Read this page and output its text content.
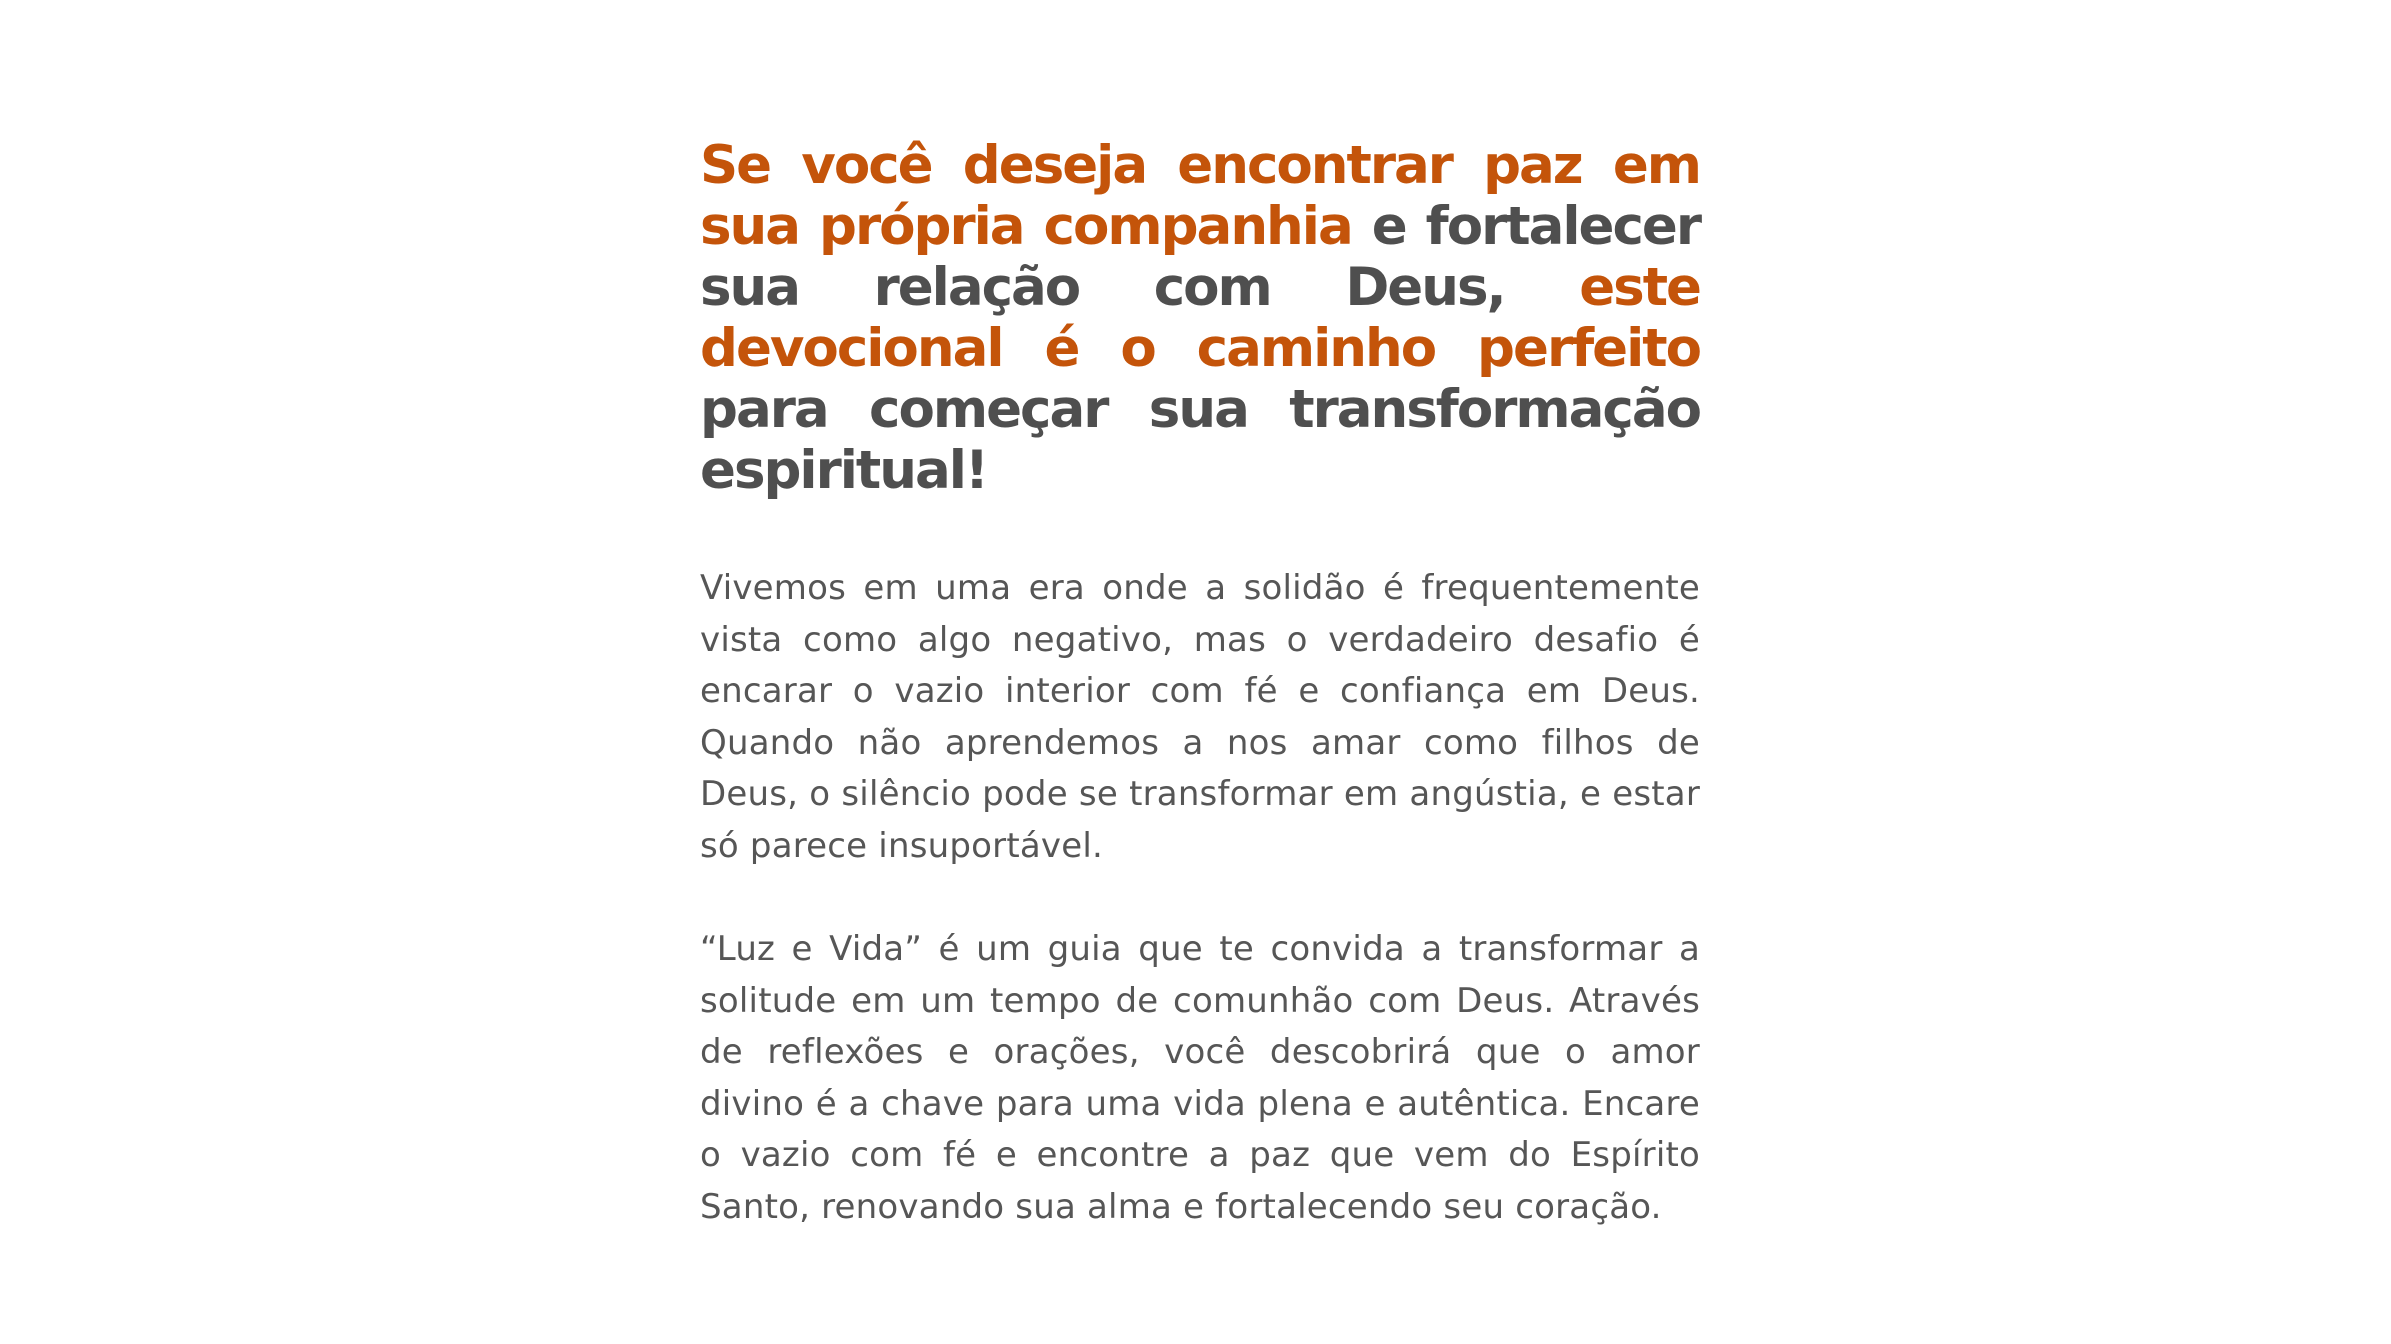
Se você deseja encontrar paz em sua própria companhia e fortalecer sua relação com Deus, este devocional é o caminho perfeito para começar sua transformação espiritual!

Vivemos em uma era onde a solidão é frequentemente vista como algo negativo, mas o verdadeiro desafio é encarar o vazio interior com fé e confiança em Deus. Quando não aprendemos a nos amar como filhos de Deus, o silêncio pode se transformar em angústia, e estar só parece insuportável.

“Luz e Vida” é um guia que te convida a transformar a solitude em um tempo de comunhão com Deus. Através de reflexões e orações, você descobrirá que o amor divino é a chave para uma vida plena e autêntica. Encare o vazio com fé e encontre a paz que vem do Espírito Santo, renovando sua alma e fortalecendo seu coração.
